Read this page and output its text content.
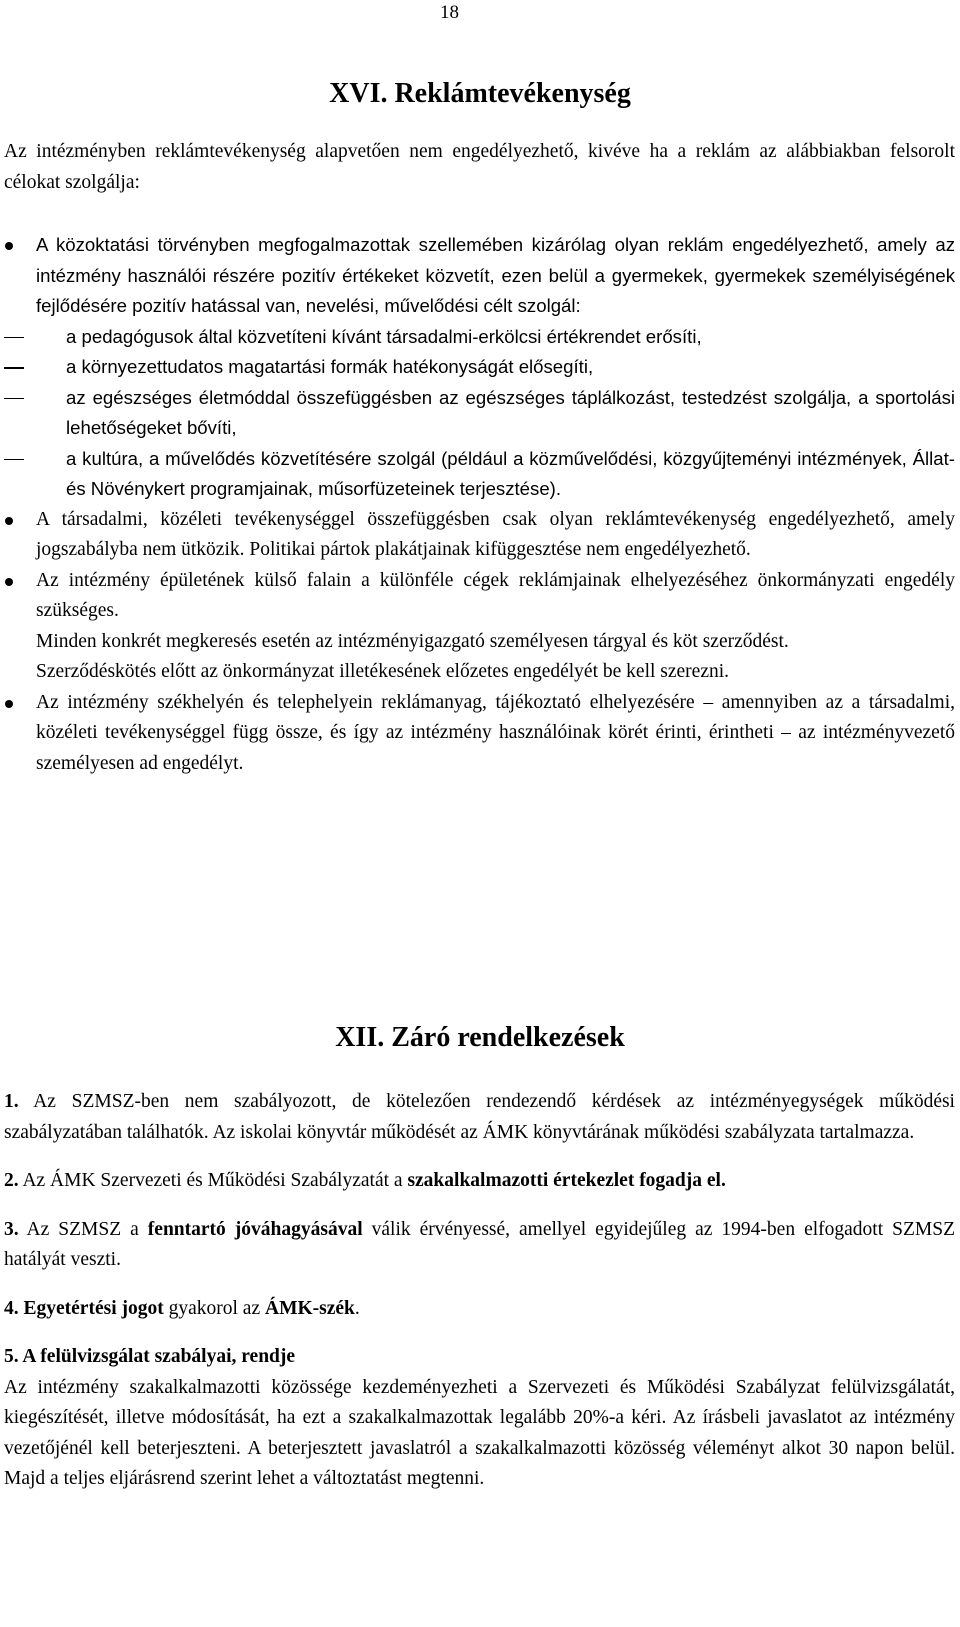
18
XVI. Reklámtevékenység

Az intézményben reklámtevékenység alapvetően nem engedélyezhető, kivéve ha a reklám az alábbiakban felsorolt célokat szolgálja:

A közoktatási törvényben megfogalmazottak szellemében kizárólag olyan reklám engedélyezhető, amely az intézmény használói részére pozitív értékeket közvetít, ezen belül a gyermekek, gyermekek személyiségének fejlődésére pozitív hatással van, nevelési, művelődési célt szolgál:
a pedagógusok által közvetíteni kívánt társadalmi-erkölcsi értékrendet erősíti,
a környezettudatos magatartási formák hatékonyságát elősegíti,
az egészséges életmóddal összefüggésben az egészséges táplálkozást, testedzést szolgálja, a sportolási lehetőségeket bővíti,
a kultúra, a művelődés közvetítésére szolgál (például a közművelődési, közgyűjteményi intézmények, Állat- és Növénykert programjainak, műsorfüzeteinek terjesztése).
A társadalmi, közéleti tevékenységgel összefüggésben csak olyan reklámtevékenység engedélyezhető, amely jogszabályba nem ütközik. Politikai pártok plakátjainak kifüggesztése nem engedélyezhető.
Az intézmény épületének külső falain a különféle cégek reklámjainak elhelyezéséhez önkormányzati engedély szükséges.
Minden konkrét megkeresés esetén az intézményigazgató személyesen tárgyal és köt szerződést.
Szerződéskötés előtt az önkormányzat illetékesének előzetes engedélyét be kell szerezni.
Az intézmény székhelyén és telephelyein reklámanyag, tájékoztató elhelyezésére – amennyiben az a társadalmi, közéleti tevékenységgel függ össze, és így az intézmény használóinak körét érinti, érintheti – az intézményvezető személyesen ad engedélyt.
XII. Záró rendelkezések

1. Az SZMSZ-ben nem szabályozott, de kötelezően rendezendő kérdések az intézményegységek működési szabályzatában találhatók. Az iskolai könyvtár működését az ÁMK könyvtárának működési szabályzata tartalmazza.

2. Az ÁMK Szervezeti és Működési Szabályzatát a szakalkalmazotti értekezlet fogadja el.

3. Az SZMSZ a fenntartó jóváhagyásával válik érvényessé, amellyel egyidejűleg az 1994-ben elfogadott SZMSZ hatályát veszti.

4. Egyetértési jogot gyakorol az ÁMK-szék.

5. A felülvizsgálat szabályai, rendje

Az intézmény szakalkalmazotti közössége kezdeményezheti a Szervezeti és Működési Szabályzat felülvizsgálatát, kiegészítését, illetve módosítását, ha ezt a szakalkalmazottak legalább 20%-a kéri. Az írásbeli javaslatot az intézmény vezetőjénél kell beterjeszteni. A beterjesztett javaslatról a szakalkalmazotti közösség véleményt alkot 30 napon belül. Majd a teljes eljárásrend szerint lehet a változtatást megtenni.
